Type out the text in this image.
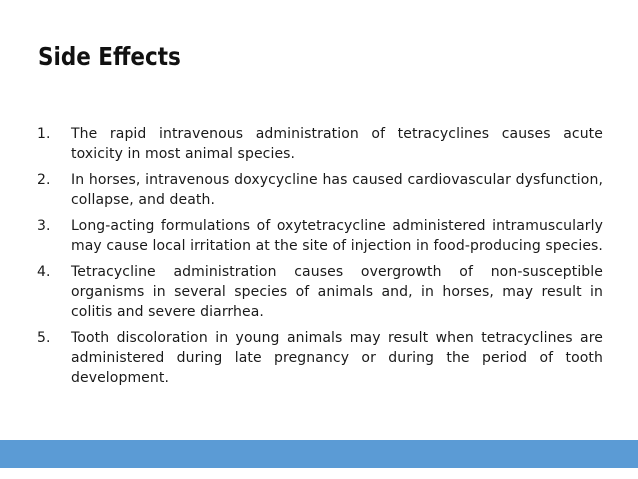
Side Effects
1.	The rapid intravenous administration of tetracyclines causes acute toxicity in most animal species.
2.	In horses, intravenous doxycycline has caused cardiovascular dysfunction, collapse, and death.
3.	Long-acting formulations of oxytetracycline administered intramuscularly may cause local irritation at the site of injection in food-producing species.
4.	Tetracycline administration causes overgrowth of non-susceptible organisms in several species of animals and, in horses, may result in colitis and severe diarrhea.
5.	Tooth discoloration in young animals may result when tetracyclines are administered during late pregnancy or during the period of tooth development.
